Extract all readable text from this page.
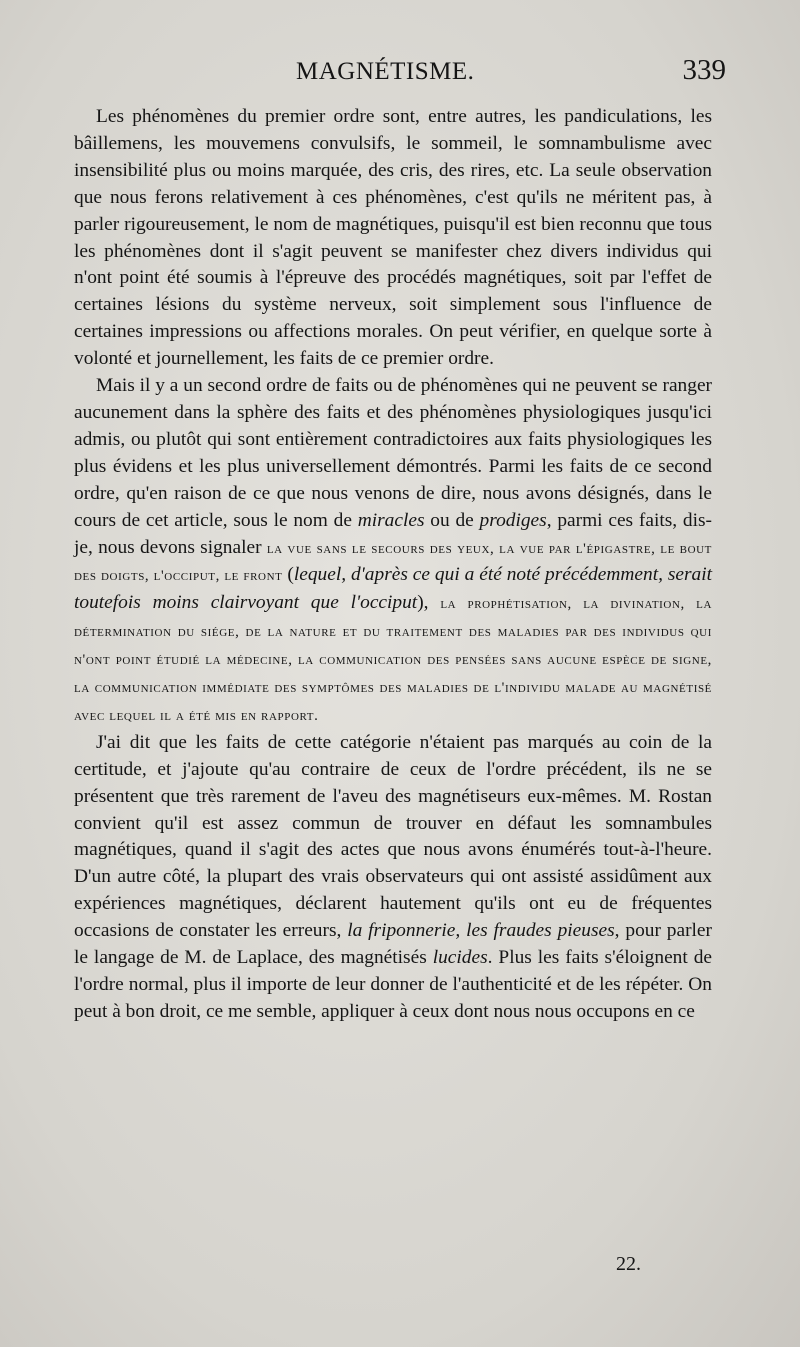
MAGNÉTISME.	339

Les phénomènes du premier ordre sont, entre autres, les pandiculations, les bâillemens, les mouvemens convulsifs, le sommeil, le somnambulisme avec insensibilité plus ou moins marquée, des cris, des rires, etc. La seule observation que nous ferons relativement à ces phénomènes, c'est qu'ils ne méritent pas, à parler rigoureusement, le nom de magnétiques, puisqu'il est bien reconnu que tous les phénomènes dont il s'agit peuvent se manifester chez divers individus qui n'ont point été soumis à l'épreuve des procédés magnétiques, soit par l'effet de certaines lésions du système nerveux, soit simplement sous l'influence de certaines impressions ou affections morales. On peut vérifier, en quelque sorte à volonté et journellement, les faits de ce premier ordre.

Mais il y a un second ordre de faits ou de phénomènes qui ne peuvent se ranger aucunement dans la sphère des faits et des phénomènes physiologiques jusqu'ici admis, ou plutôt qui sont entièrement contradictoires aux faits physiologiques les plus évidens et les plus universellement démontrés. Parmi les faits de ce second ordre, qu'en raison de ce que nous venons de dire, nous avons désignés, dans le cours de cet article, sous le nom de miracles ou de prodiges, parmi ces faits, dis-je, nous devons signaler la vue sans le secours des yeux, la vue par l'épigastre, le bout des doigts, l'occiput, le front (lequel, d'après ce qui a été noté précédemment, serait toutefois moins clairvoyant que l'occiput), la prophétisation, la divination, la détermination du siége, de la nature et du traitement des maladies par des individus qui n'ont point étudié la médecine, la communication des pensées sans aucune espèce de signe, la communication immédiate des symptômes des maladies de l'individu malade au magnétisé avec lequel il a été mis en rapport.

J'ai dit que les faits de cette catégorie n'étaient pas marqués au coin de la certitude, et j'ajoute qu'au contraire de ceux de l'ordre précédent, ils ne se présentent que très rarement de l'aveu des magnétiseurs eux-mêmes. M. Rostan convient qu'il est assez commun de trouver en défaut les somnambules magnétiques, quand il s'agit des actes que nous avons énumérés tout-à-l'heure. D'un autre côté, la plupart des vrais observateurs qui ont assisté assidûment aux expériences magnétiques, déclarent hautement qu'ils ont eu de fréquentes occasions de constater les erreurs, la friponnerie, les fraudes pieuses, pour parler le langage de M. de Laplace, des magnétisés lucides. Plus les faits s'éloignent de l'ordre normal, plus il importe de leur donner de l'authenticité et de les répéter. On peut à bon droit, ce me semble, appliquer à ceux dont nous nous occupons en ce

22.
